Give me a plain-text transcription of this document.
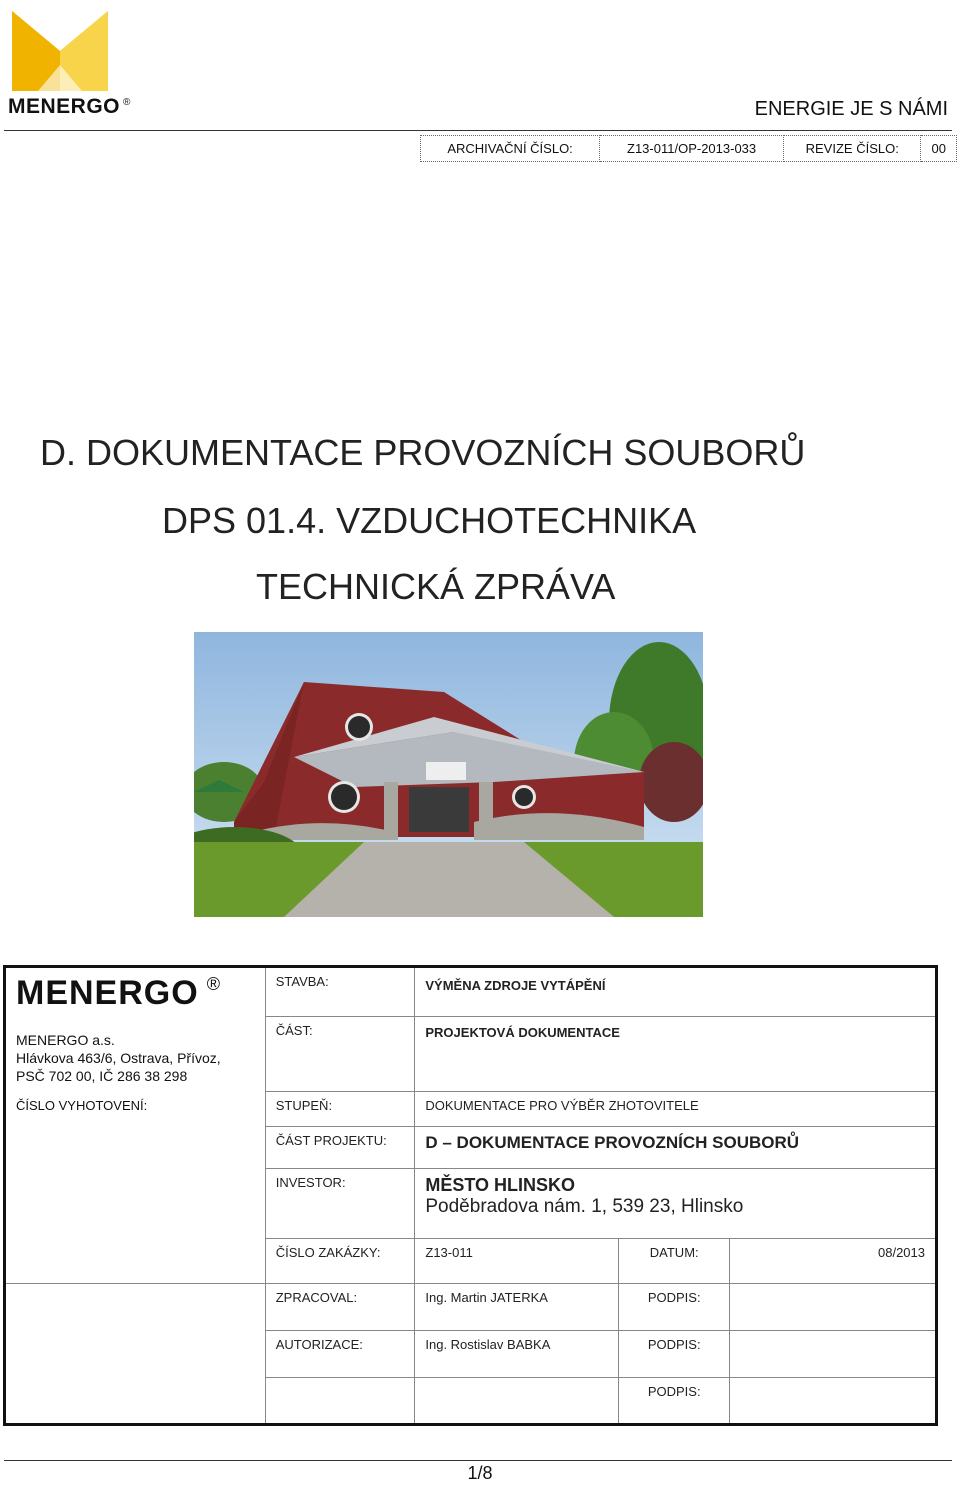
MENERGO ®	ENERGIE JE S NÁMI
ARCHIVAČNÍ ČÍSLO:	Z13-011/OP-2013-033	REVIZE ČÍSLO:	00
D. DOKUMENTACE PROVOZNÍCH SOUBORŮ
DPS 01.4. VZDUCHOTECHNIKA
TECHNICKÁ ZPRÁVA
MENERGO ®
MENERGO a.s.
Hlávkova 463/6, Ostrava, Přívoz,
PSČ 702 00, IČ 286 38 298	STAVBA:	VÝMĚNA ZDROJE VYTÁPĚNÍ		
	ČÁST:	PROJEKTOVÁ DOKUMENTACE		
ČÍSLO VYHOTOVENÍ:	STUPEŇ:	DOKUMENTACE PRO VÝBĚR ZHOTOVITELE		
	ČÁST PROJEKTU:	D – DOKUMENTACE PROVOZNÍCH SOUBORŮ		
	INVESTOR:	MĚSTO HLINSKO
Poděbradova nám. 1, 539 23, Hlinsko		

	ČÍSLO ZAKÁZKY:	Z13-011	DATUM:	08/2013
	ZPRACOVAL:	Ing. Martin JATERKA	PODPIS:	
	AUTORIZACE:	Ing. Rostislav BABKA	PODPIS:	
			PODPIS:	
1/8
